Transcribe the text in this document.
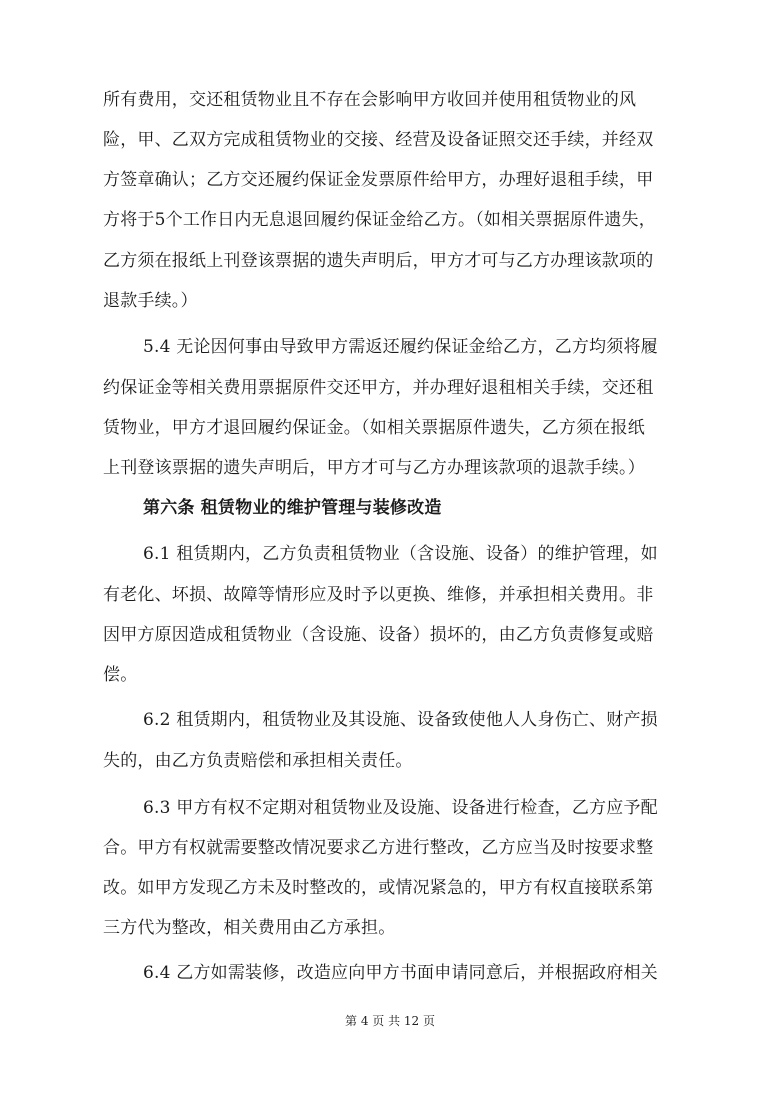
所有费用，交还租赁物业且不存在会影响甲方收回并使用租赁物业的风
险，甲、乙双方完成租赁物业的交接、经营及设备证照交还手续，并经双
方签章确认；乙方交还履约保证金发票原件给甲方，办理好退租手续，甲
方将于5个工作日内无息退回履约保证金给乙方。（如相关票据原件遗失，
乙方须在报纸上刊登该票据的遗失声明后，甲方才可与乙方办理该款项的
退款手续。）
5.4 无论因何事由导致甲方需返还履约保证金给乙方，乙方均须将履
约保证金等相关费用票据原件交还甲方，并办理好退租相关手续，交还租
赁物业，甲方才退回履约保证金。（如相关票据原件遗失，乙方须在报纸
上刊登该票据的遗失声明后，甲方才可与乙方办理该款项的退款手续。）
第六条 租赁物业的维护管理与装修改造
6.1 租赁期内，乙方负责租赁物业（含设施、设备）的维护管理，如
有老化、坏损、故障等情形应及时予以更换、维修，并承担相关费用。非
因甲方原因造成租赁物业（含设施、设备）损坏的，由乙方负责修复或赔
偿。
6.2 租赁期内，租赁物业及其设施、设备致使他人人身伤亡、财产损
失的，由乙方负责赔偿和承担相关责任。
6.3 甲方有权不定期对租赁物业及设施、设备进行检查，乙方应予配
合。甲方有权就需要整改情况要求乙方进行整改，乙方应当及时按要求整
改。如甲方发现乙方未及时整改的，或情况紧急的，甲方有权直接联系第
三方代为整改，相关费用由乙方承担。
6.4 乙方如需装修，改造应向甲方书面申请同意后，并根据政府相关
第 4 页 共 12 页
